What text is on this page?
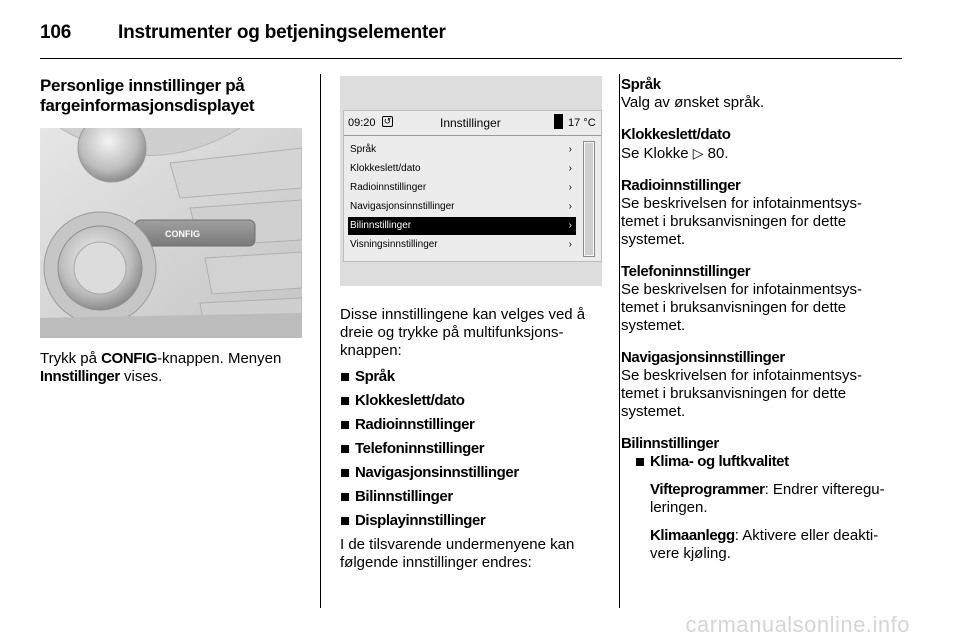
106 Instrumenter og betjeningselementer
Personlige innstillinger på
fargeinformasjonsdisplayet
CONFIG
Trykk på CONFIG-knappen. Menyen
Innstillinger vises.
09:20 ↺	Innstillinger	17 °C
Språk	›
Klokkeslett/dato	›
Radioinnstillinger	›
Navigasjonsinnstillinger	›
Bilinnstillinger	›
Visningsinnstillinger	›
Disse innstillingene kan velges ved å
dreie og trykke på multifunksjons-
knappen:
Språk
Klokkeslett/dato
Radioinnstillinger
Telefoninnstillinger
Navigasjonsinnstillinger
Bilinnstillinger
Displayinnstillinger
I de tilsvarende undermenyene kan
følgende innstillinger endres:
Språk
Valg av ønsket språk.
Klokkeslett/dato
Se Klokke ▷ 80.
Radioinnstillinger
Se beskrivelsen for infotainmentsys-
temet i bruksanvisningen for dette
systemet.
Telefoninnstillinger
Se beskrivelsen for infotainmentsys-
temet i bruksanvisningen for dette
systemet.
Navigasjonsinnstillinger
Se beskrivelsen for infotainmentsys-
temet i bruksanvisningen for dette
systemet.
Bilinnstillinger
Klima- og luftkvalitet
Vifteprogrammer: Endrer vifteregu-
leringen.
Klimaanlegg: Aktivere eller deakti-
vere kjøling.
carmanualsonline.info
